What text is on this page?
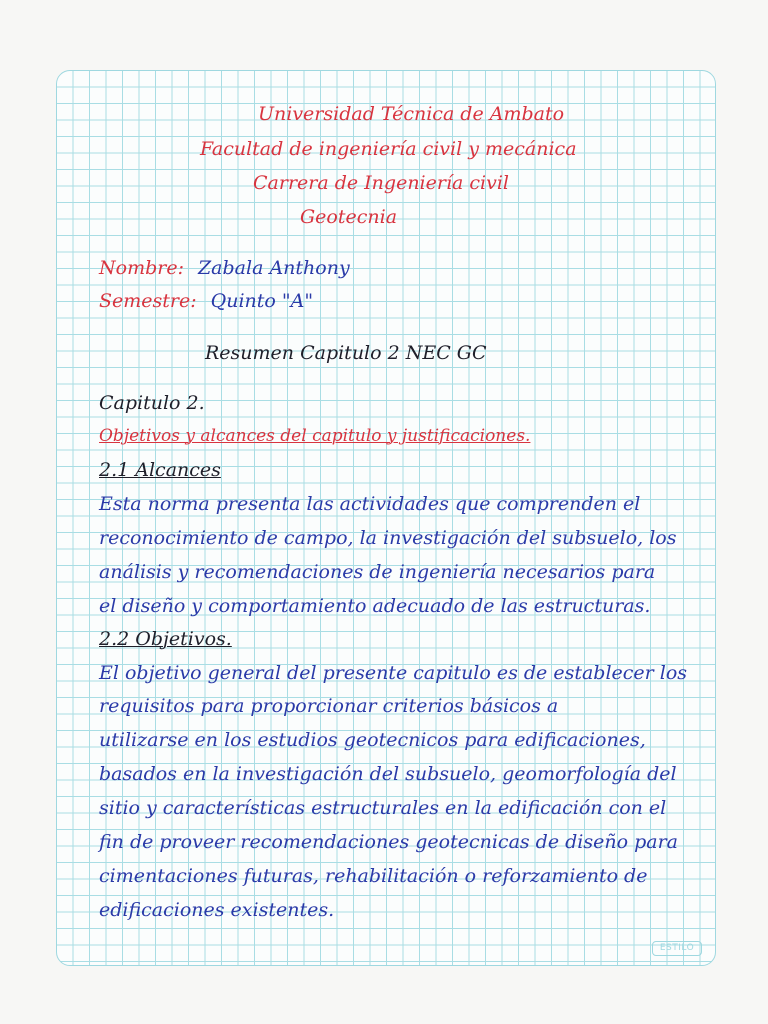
Universidad Técnica de Ambato
Facultad de ingeniería civil y mecánica
Carrera de Ingeniería civil
Geotecnia
Nombre: Zabala Anthony
Semestre: Quinto "A"
Resumen Capitulo 2 NEC GC
Capitulo 2.
Objetivos y alcances del capitulo y justificaciones.
2.1 Alcances
Esta norma presenta las actividades que comprenden el
reconocimiento de campo, la investigación del subsuelo, los
análisis y recomendaciones de ingeniería necesarios para
el diseño y comportamiento adecuado de las estructuras.
2.2 Objetivos.
El objetivo general del presente capitulo es de establecer los
requisitos para proporcionar criterios básicos a
utilizarse en los estudios geotecnicos para edificaciones,
basados en la investigación del subsuelo, geomorfología del
sitio y características estructurales en la edificación con el
fin de proveer recomendaciones geotecnicas de diseño para
cimentaciones futuras, rehabilitación o reforzamiento de
edificaciones existentes.
ESTILO
